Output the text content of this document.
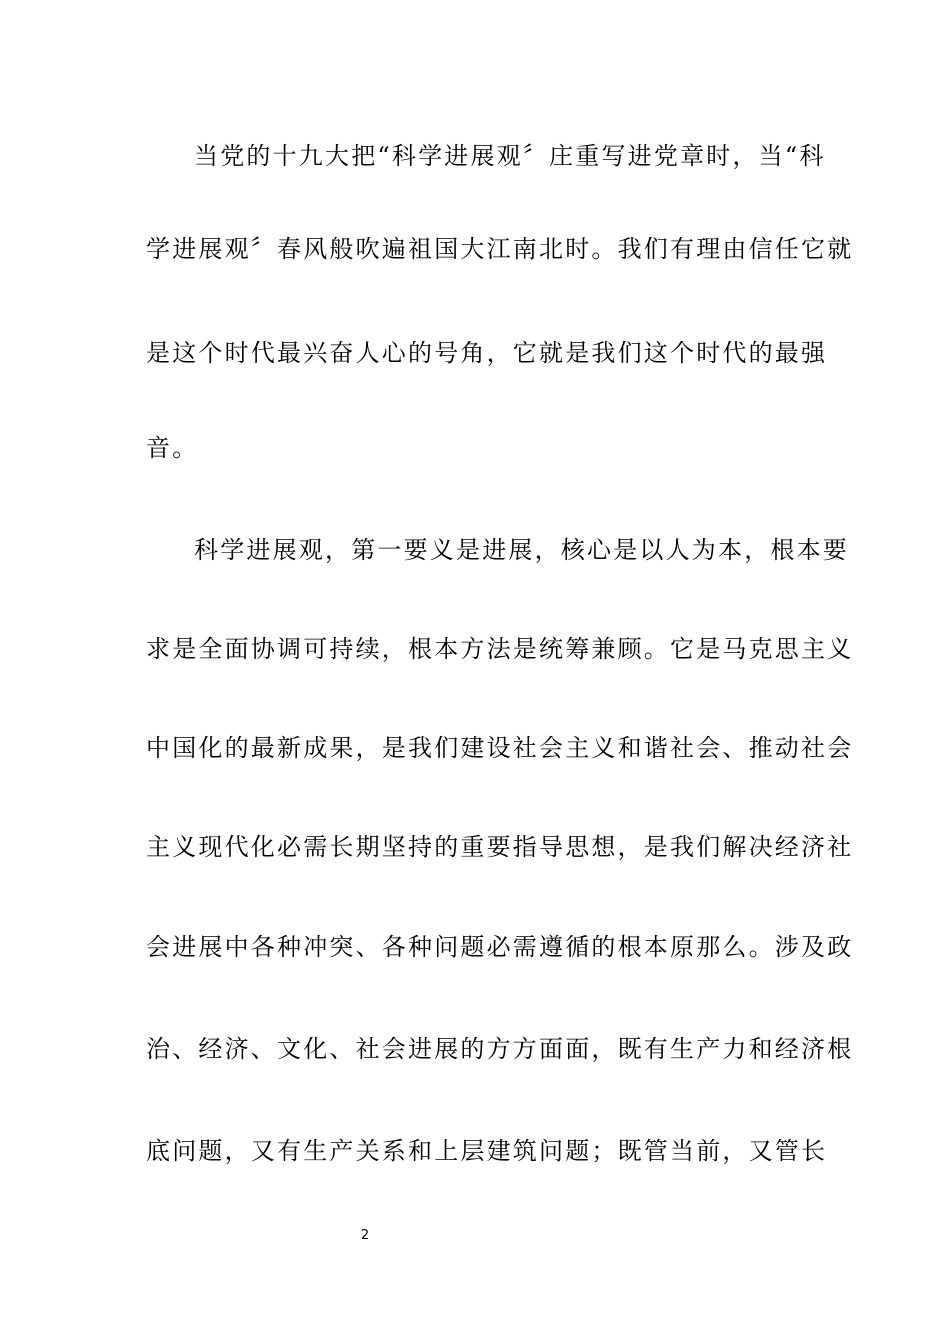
当党的十九大把“科学进展观〞庄重写进党章时，当“科
学进展观〞春风般吹遍祖国大江南北时。我们有理由信任它就
是这个时代最兴奋人心的号角，它就是我们这个时代的最强
音。
科学进展观，第一要义是进展，核心是以人为本，根本要
求是全面协调可持续，根本方法是统筹兼顾。它是马克思主义
中国化的最新成果，是我们建设社会主义和谐社会、推动社会
主义现代化必需长期坚持的重要指导思想，是我们解决经济社
会进展中各种冲突、各种问题必需遵循的根本原那么。涉及政
治、经济、文化、社会进展的方方面面，既有生产力和经济根
底问题，又有生产关系和上层建筑问题；既管当前，又管长
2
